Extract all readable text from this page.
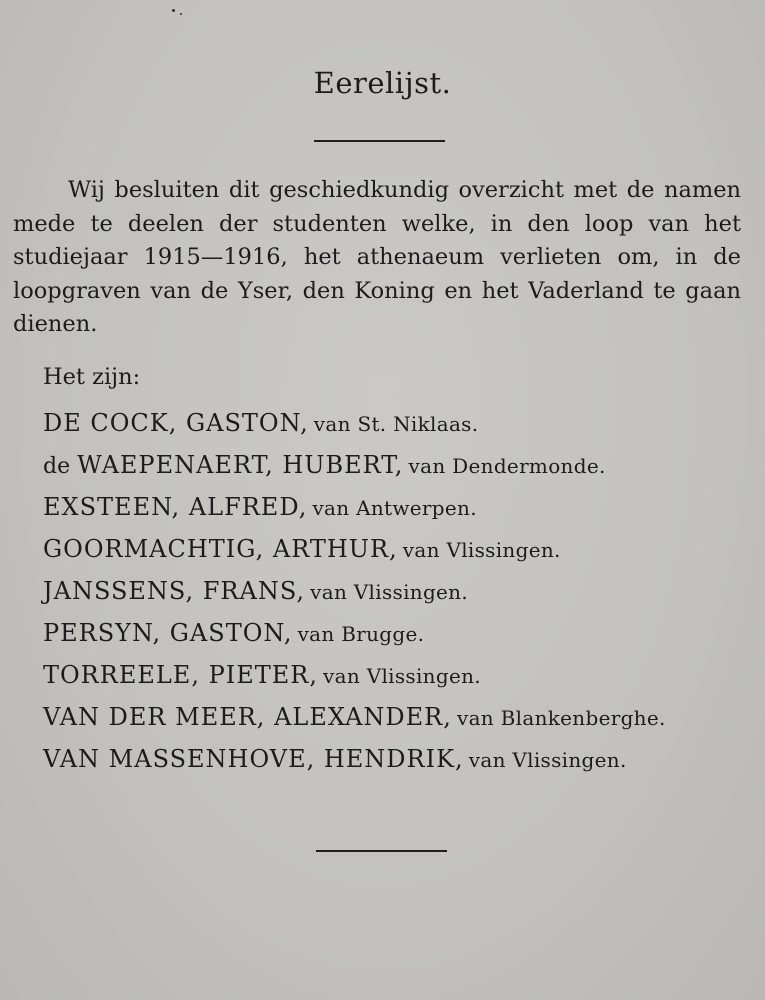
Eerelijst.

Wij besluiten dit geschiedkundig overzicht met de namen mede te deelen der studenten welke, in den loop van het studiejaar 1915—1916, het athenaeum verlieten om, in de loopgraven van de Yser, den Koning en het Vaderland te gaan dienen.

Het zijn:

DE COCK, GASTON, van St. Niklaas.
de WAEPENAERT, HUBERT, van Dendermonde.
EXSTEEN, ALFRED, van Antwerpen.
GOORMACHTIG, ARTHUR, van Vlissingen.
JANSSENS, FRANS, van Vlissingen.
PERSYN, GASTON, van Brugge.
TORREELE, PIETER, van Vlissingen.
VAN DER MEER, ALEXANDER, van Blankenberghe.
VAN MASSENHOVE, HENDRIK, van Vlissingen.
